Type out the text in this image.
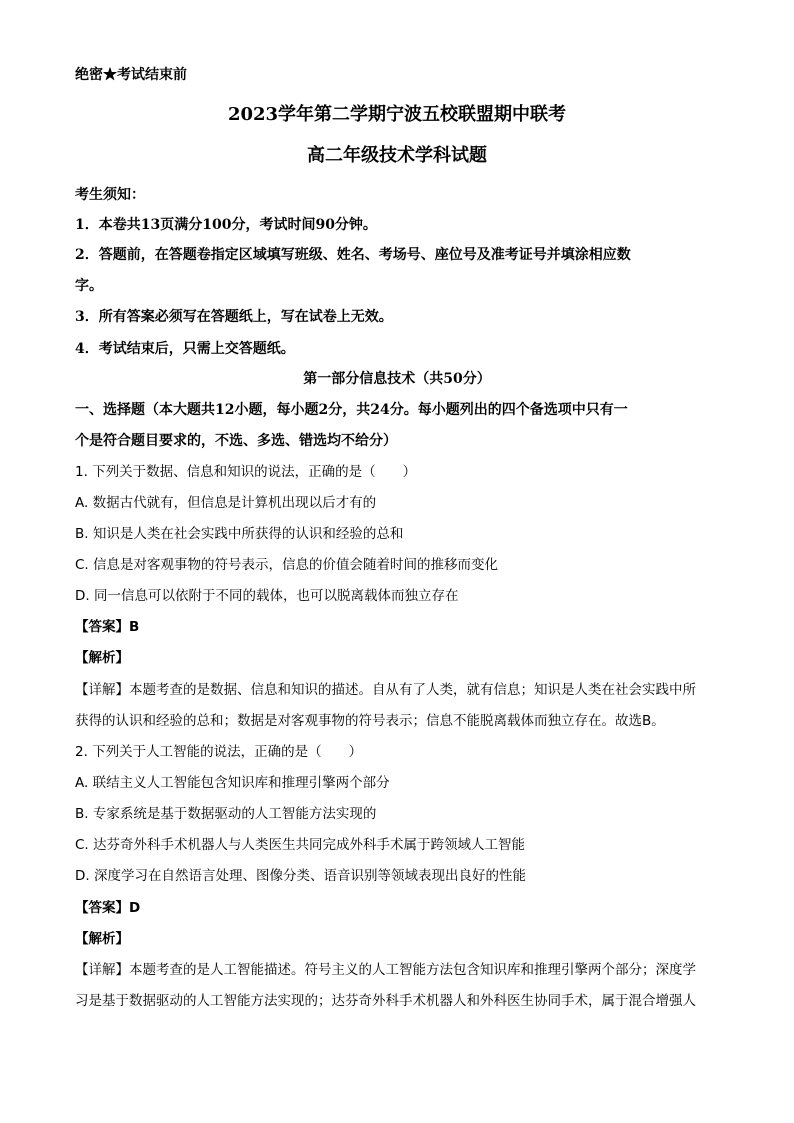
绝密★考试结束前
2023学年第二学期宁波五校联盟期中联考
高二年级技术学科试题
考生须知：
1．本卷共13页满分100分，考试时间90分钟。
2．答题前，在答题卷指定区域填写班级、姓名、考场号、座位号及准考证号并填涂相应数
字。
3．所有答案必须写在答题纸上，写在试卷上无效。
4．考试结束后，只需上交答题纸。
第一部分信息技术（共50分）
一、选择题（本大题共12小题，每小题2分，共24分。每小题列出的四个备选项中只有一
个是符合题目要求的，不选、多选、错选均不给分）
1. 下列关于数据、信息和知识的说法，正确的是（　　）
A. 数据古代就有，但信息是计算机出现以后才有的
B. 知识是人类在社会实践中所获得的认识和经验的总和
C. 信息是对客观事物的符号表示，信息的价值会随着时间的推移而变化
D. 同一信息可以依附于不同的载体，也可以脱离载体而独立存在
【答案】B
【解析】
【详解】本题考查的是数据、信息和知识的描述。自从有了人类，就有信息；知识是人类在社会实践中所
获得的认识和经验的总和；数据是对客观事物的符号表示；信息不能脱离载体而独立存在。故选B。
2. 下列关于人工智能的说法，正确的是（　　）
A. 联结主义人工智能包含知识库和推理引擎两个部分
B. 专家系统是基于数据驱动的人工智能方法实现的
C. 达芬奇外科手术机器人与人类医生共同完成外科手术属于跨领域人工智能
D. 深度学习在自然语言处理、图像分类、语音识别等领域表现出良好的性能
【答案】D
【解析】
【详解】本题考查的是人工智能描述。符号主义的人工智能方法包含知识库和推理引擎两个部分；深度学
习是基于数据驱动的人工智能方法实现的；达芬奇外科手术机器人和外科医生协同手术，属于混合增强人
